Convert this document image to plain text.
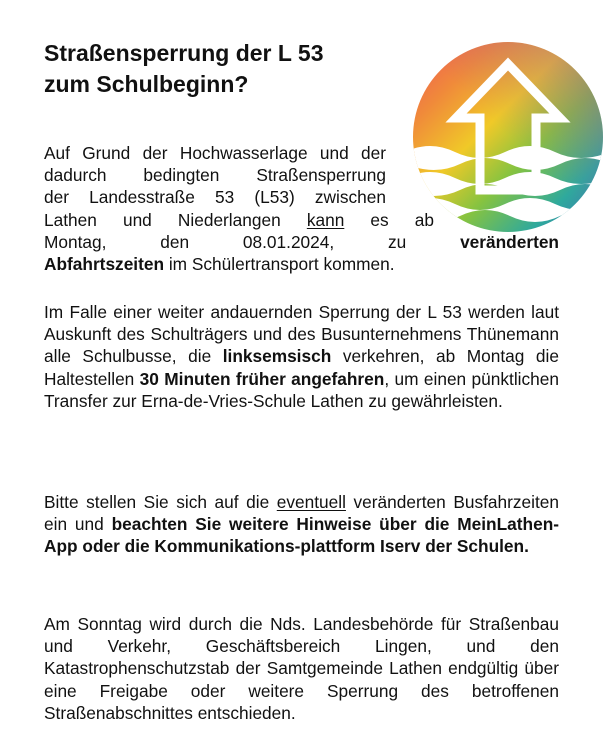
Straßensperrung der L 53
zum Schulbeginn?
Auf Grund der Hochwasserlage und der
dadurch bedingten Straßensperrung
der Landesstraße 53 (L53) zwischen
Lathen und Niederlangen kann es ab
Montag, den 08.01.2024, zu veränderten
Abfahrtszeiten im Schülertransport kommen.

Im Falle einer weiter andauernden Sperrung der L 53 werden laut Auskunft des Schulträgers und des Busunternehmens Thünemann alle Schulbusse, die linksemsisch verkehren, ab Montag die Haltestellen 30 Minuten früher angefahren, um einen pünktlichen Transfer zur Erna-de-Vries-Schule Lathen zu gewährleisten.

Bitte stellen Sie sich auf die eventuell veränderten Busfahrzeiten ein und beachten Sie weitere Hinweise über die MeinLathen-App oder die Kommunikations-plattform Iserv der Schulen.

Am Sonntag wird durch die Nds. Landesbehörde für Straßenbau und Verkehr, Geschäftsbereich Lingen, und den Katastrophenschutzstab der Samtgemeinde Lathen endgültig über eine Freigabe oder weitere Sperrung des betroffenen Straßenabschnittes entschieden.
